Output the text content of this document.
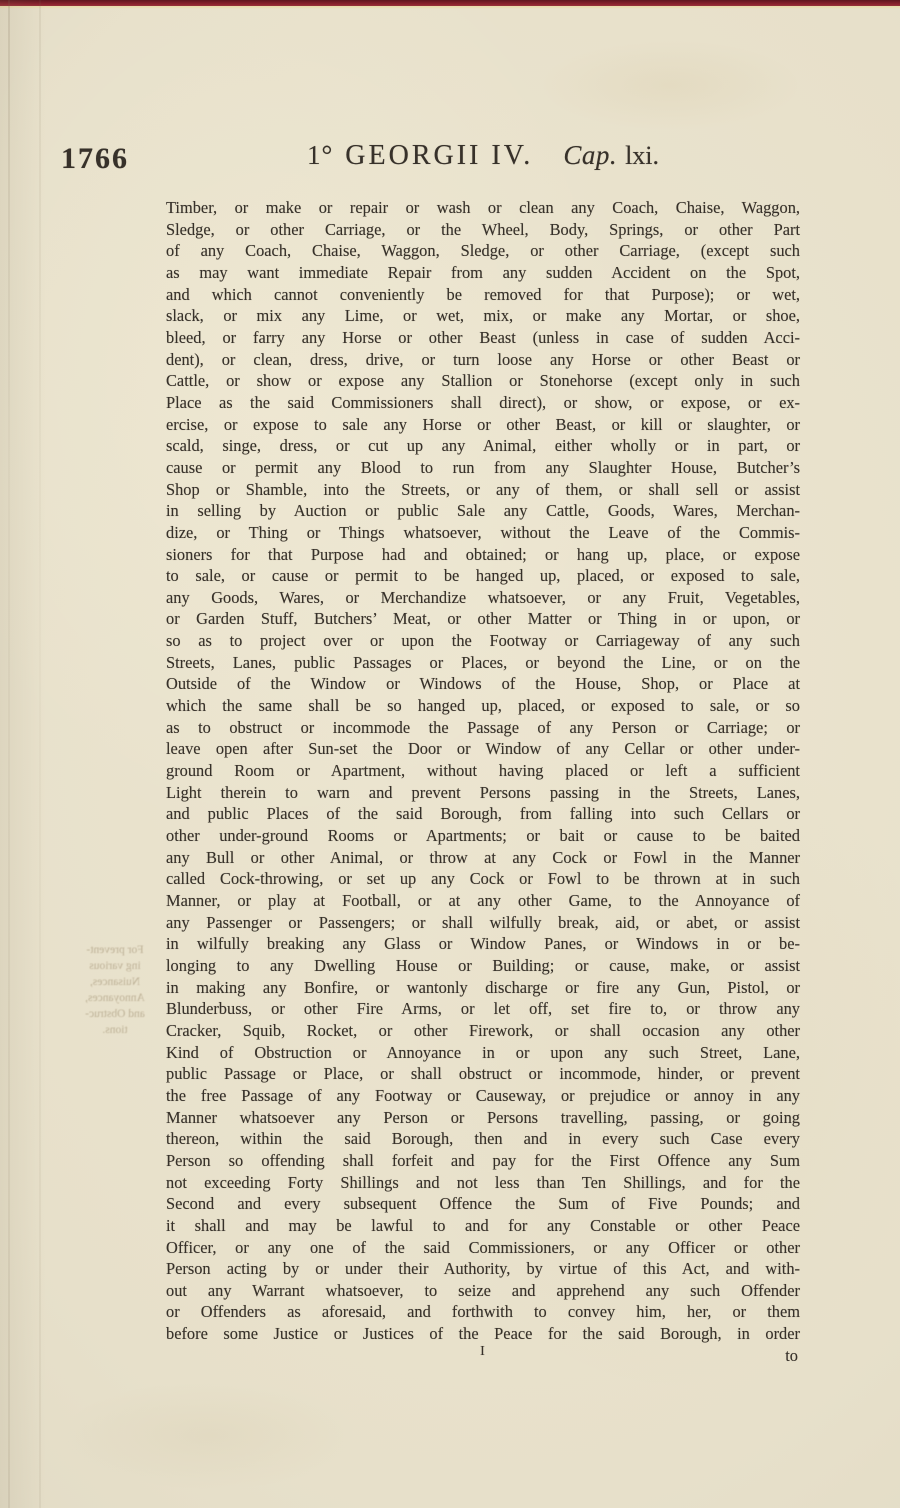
1766	1° GEORGII IV. Cap. lxi.
For prevent-
ing various
Nuisances,
Annoyances,
and Obstruc-
tions.
Timber, or make or repair or wash or clean any Coach, Chaise, Waggon,
Sledge, or other Carriage, or the Wheel, Body, Springs, or other Part
of any Coach, Chaise, Waggon, Sledge, or other Carriage, (except such
as may want immediate Repair from any sudden Accident on the Spot,
and which cannot conveniently be removed for that Purpose); or wet,
slack, or mix any Lime, or wet, mix, or make any Mortar, or shoe,
bleed, or farry any Horse or other Beast (unless in case of sudden Acci-
dent), or clean, dress, drive, or turn loose any Horse or other Beast or
Cattle, or show or expose any Stallion or Stonehorse (except only in such
Place as the said Commissioners shall direct), or show, or expose, or ex-
ercise, or expose to sale any Horse or other Beast, or kill or slaughter, or
scald, singe, dress, or cut up any Animal, either wholly or in part, or
cause or permit any Blood to run from any Slaughter House, Butcher’s
Shop or Shamble, into the Streets, or any of them, or shall sell or assist
in selling by Auction or public Sale any Cattle, Goods, Wares, Merchan-
dize, or Thing or Things whatsoever, without the Leave of the Commis-
sioners for that Purpose had and obtained; or hang up, place, or expose
to sale, or cause or permit to be hanged up, placed, or exposed to sale,
any Goods, Wares, or Merchandize whatsoever, or any Fruit, Vegetables,
or Garden Stuff, Butchers’ Meat, or other Matter or Thing in or upon, or
so as to project over or upon the Footway or Carriageway of any such
Streets, Lanes, public Passages or Places, or beyond the Line, or on the
Outside of the Window or Windows of the House, Shop, or Place at
which the same shall be so hanged up, placed, or exposed to sale, or so
as to obstruct or incommode the Passage of any Person or Carriage; or
leave open after Sun-set the Door or Window of any Cellar or other under-
ground Room or Apartment, without having placed or left a sufficient
Light therein to warn and prevent Persons passing in the Streets, Lanes,
and public Places of the said Borough, from falling into such Cellars or
other under-ground Rooms or Apartments; or bait or cause to be baited
any Bull or other Animal, or throw at any Cock or Fowl in the Manner
called Cock-throwing, or set up any Cock or Fowl to be thrown at in such
Manner, or play at Football, or at any other Game, to the Annoyance of
any Passenger or Passengers; or shall wilfully break, aid, or abet, or assist
in wilfully breaking any Glass or Window Panes, or Windows in or be-
longing to any Dwelling House or Building; or cause, make, or assist
in making any Bonfire, or wantonly discharge or fire any Gun, Pistol, or
Blunderbuss, or other Fire Arms, or let off, set fire to, or throw any
Cracker, Squib, Rocket, or other Firework, or shall occasion any other
Kind of Obstruction or Annoyance in or upon any such Street, Lane,
public Passage or Place, or shall obstruct or incommode, hinder, or prevent
the free Passage of any Footway or Causeway, or prejudice or annoy in any
Manner whatsoever any Person or Persons travelling, passing, or going
thereon, within the said Borough, then and in every such Case every
Person so offending shall forfeit and pay for the First Offence any Sum
not exceeding Forty Shillings and not less than Ten Shillings, and for the
Second and every subsequent Offence the Sum of Five Pounds; and
it shall and may be lawful to and for any Constable or other Peace
Officer, or any one of the said Commissioners, or any Officer or other
Person acting by or under their Authority, by virtue of this Act, and with-
out any Warrant whatsoever, to seize and apprehend any such Offender
or Offenders as aforesaid, and forthwith to convey him, her, or them
before some Justice or Justices of the Peace for the said Borough, in order
I	to
